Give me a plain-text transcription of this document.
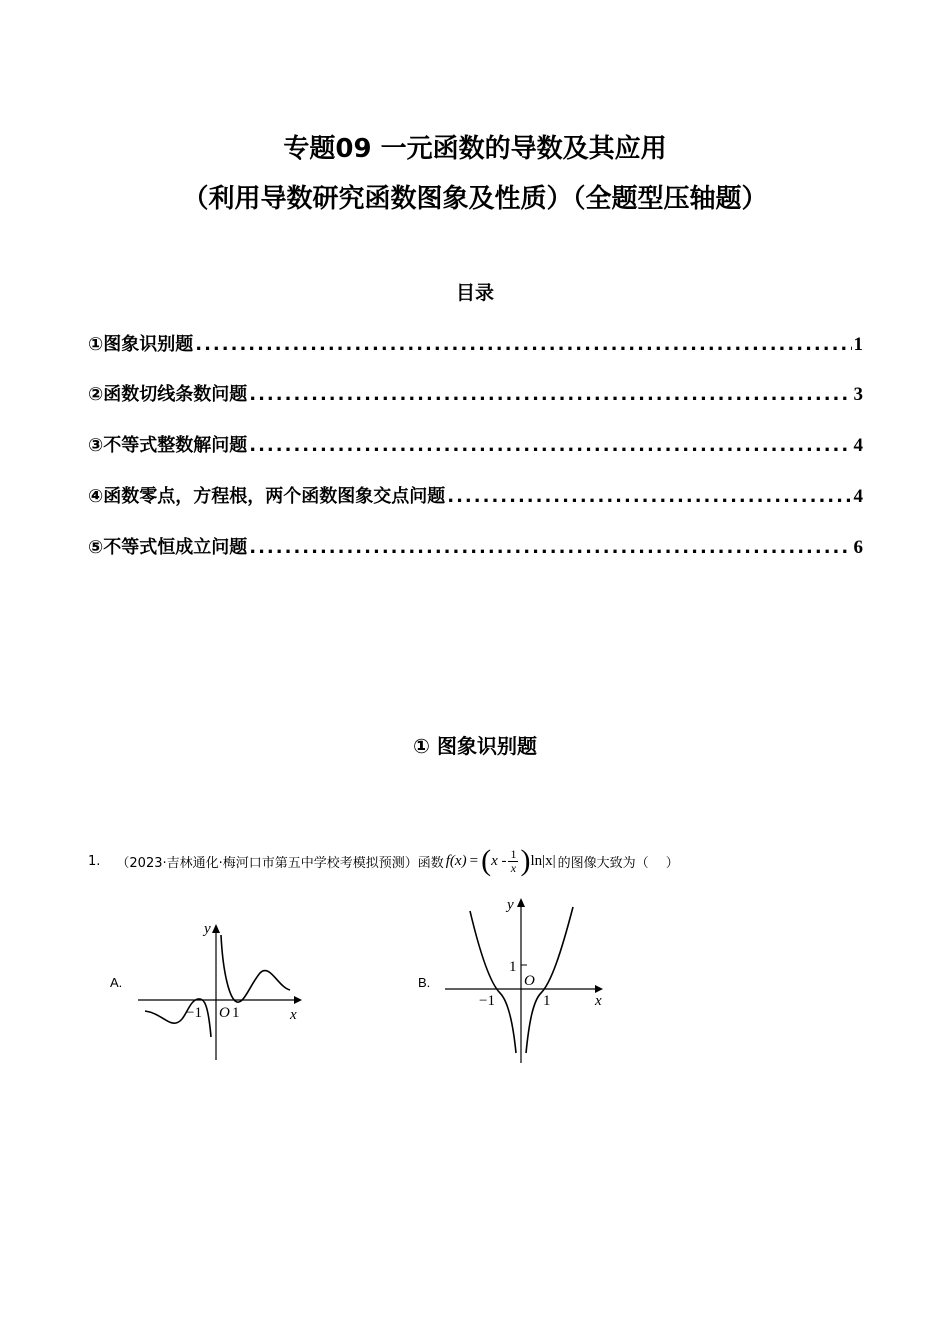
专题09 一元函数的导数及其应用
（利用导数研究函数图象及性质）（全题型压轴题）
目录
①图象识别题 .....	1
②函数切线条数问题 .....	3
③不等式整数解问题 .....	4
④函数零点，方程根，两个函数图象交点问题 .....	4
⑤不等式恒成立问题 .....	6
① 图象识别题
1. （2023·吉林通化·梅河口市第五中学校考模拟预测）函数 f(x) = ( x - $\frac{1}{x}$ ) ln|x| 的图像大致为（　 ）
A.
y
x
O
−1 1
B.
y
x
O
−1	1
1
